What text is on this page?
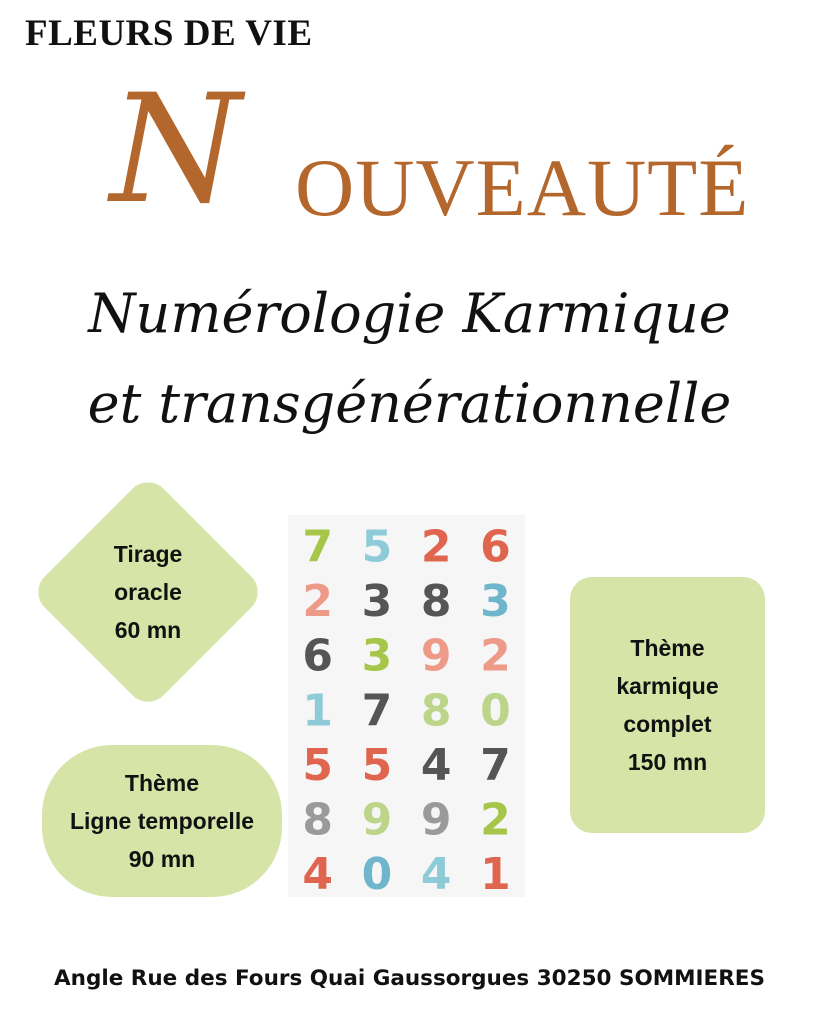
FLEURS DE VIE
N OUVEAUTÉ
Numérologie Karmique
et transgénérationnelle
Tirage
oracle
60 mn
Thème
Ligne temporelle
90 mn
Thème
karmique
complet
150 mn
7 5 2 6
2 3 8 3
6 3 9 2
1 7 8 0
5 5 4 7
8 9 9 2
4 0 4 1
Angle Rue des Fours Quai Gaussorgues 30250 SOMMIERES
